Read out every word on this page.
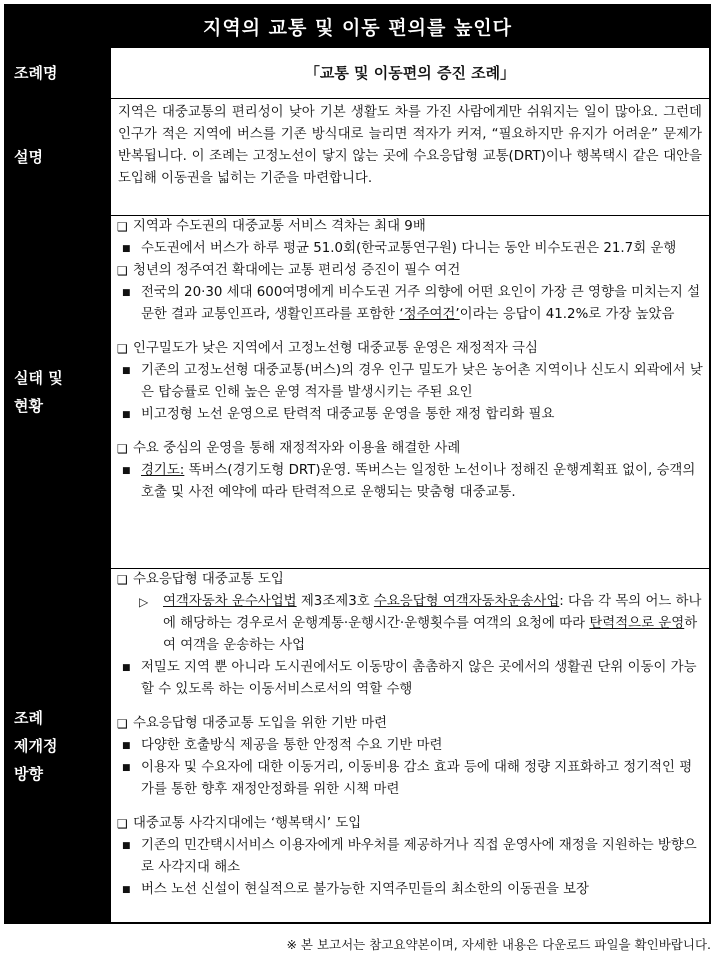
지역의 교통 및 이동 편의를 높인다
조례명	「교통 및 이동편의 증진 조례」
설명
지역은 대중교통의 편리성이 낮아 기본 생활도 차를 가진 사람에게만 쉬워지는 일이 많아요. 그런데 인구가 적은 지역에 버스를 기존 방식대로 늘리면 적자가 커져, “필요하지만 유지가 어려운” 문제가 반복됩니다. 이 조례는 고정노선이 닿지 않는 곳에 수요응답형 교통(DRT)이나 행복택시 같은 대안을 도입해 이동권을 넓히는 기준을 마련합니다.
실태 및
현황
❑ 지역과 수도권의 대중교통 서비스 격차는 최대 9배
■ 수도권에서 버스가 하루 평균 51.0회(한국교통연구원) 다니는 동안 비수도권은 21.7회 운행
❑ 청년의 정주여건 확대에는 교통 편리성 증진이 필수 여건
■ 전국의 20·30 세대 600여명에게 비수도권 거주 의향에 어떤 요인이 가장 큰 영향을 미치는지 설문한 결과 교통인프라, 생활인프라를 포함한 ‘정주여건’이라는 응답이 41.2%로 가장 높았음
❑ 인구밀도가 낮은 지역에서 고정노선형 대중교통 운영은 재정적자 극심
■ 기존의 고정노선형 대중교통(버스)의 경우 인구 밀도가 낮은 농어촌 지역이나 신도시 외곽에서 낮은 탑승률로 인해 높은 운영 적자를 발생시키는 주된 요인
■ 비고정형 노선 운영으로 탄력적 대중교통 운영을 통한 재정 합리화 필요
❑ 수요 중심의 운영을 통해 재정적자와 이용율 해결한 사례
■ 경기도: 똑버스(경기도형 DRT)운영. 똑버스는 일정한 노선이나 정해진 운행계획표 없이, 승객의 호출 및 사전 예약에 따라 탄력적으로 운행되는 맞춤형 대중교통.
조례
제개정
방향
❑ 수요응답형 대중교통 도입
▷	여객자동차 운수사업법 제3조제3호 수요응답형 여객자동차운송사업: 다음 각 목의 어느 하나에 해당하는 경우로서 운행계통·운행시간·운행횟수를 여객의 요청에 따라 탄력적으로 운영하여 여객을 운송하는 사업
■ 저밀도 지역 뿐 아니라 도시권에서도 이동망이 촘촘하지 않은 곳에서의 생활권 단위 이동이 가능할 수 있도록 하는 이동서비스로서의 역할 수행
❑ 수요응답형 대중교통 도입을 위한 기반 마련
■ 다양한 호출방식 제공을 통한 안정적 수요 기반 마련
■ 이용자 및 수요자에 대한 이동거리, 이동비용 감소 효과 등에 대해 정량 지표화하고 정기적인 평가를 통한 향후 재정안정화를 위한 시책 마련
❑ 대중교통 사각지대에는 ‘행복택시’ 도입
■ 기존의 민간택시서비스 이용자에게 바우처를 제공하거나 직접 운영사에 재정을 지원하는 방향으로 사각지대 해소
■ 버스 노선 신설이 현실적으로 불가능한 지역주민들의 최소한의 이동권을 보장
※ 본 보고서는 참고요약본이며, 자세한 내용은 다운로드 파일을 확인바랍니다.
